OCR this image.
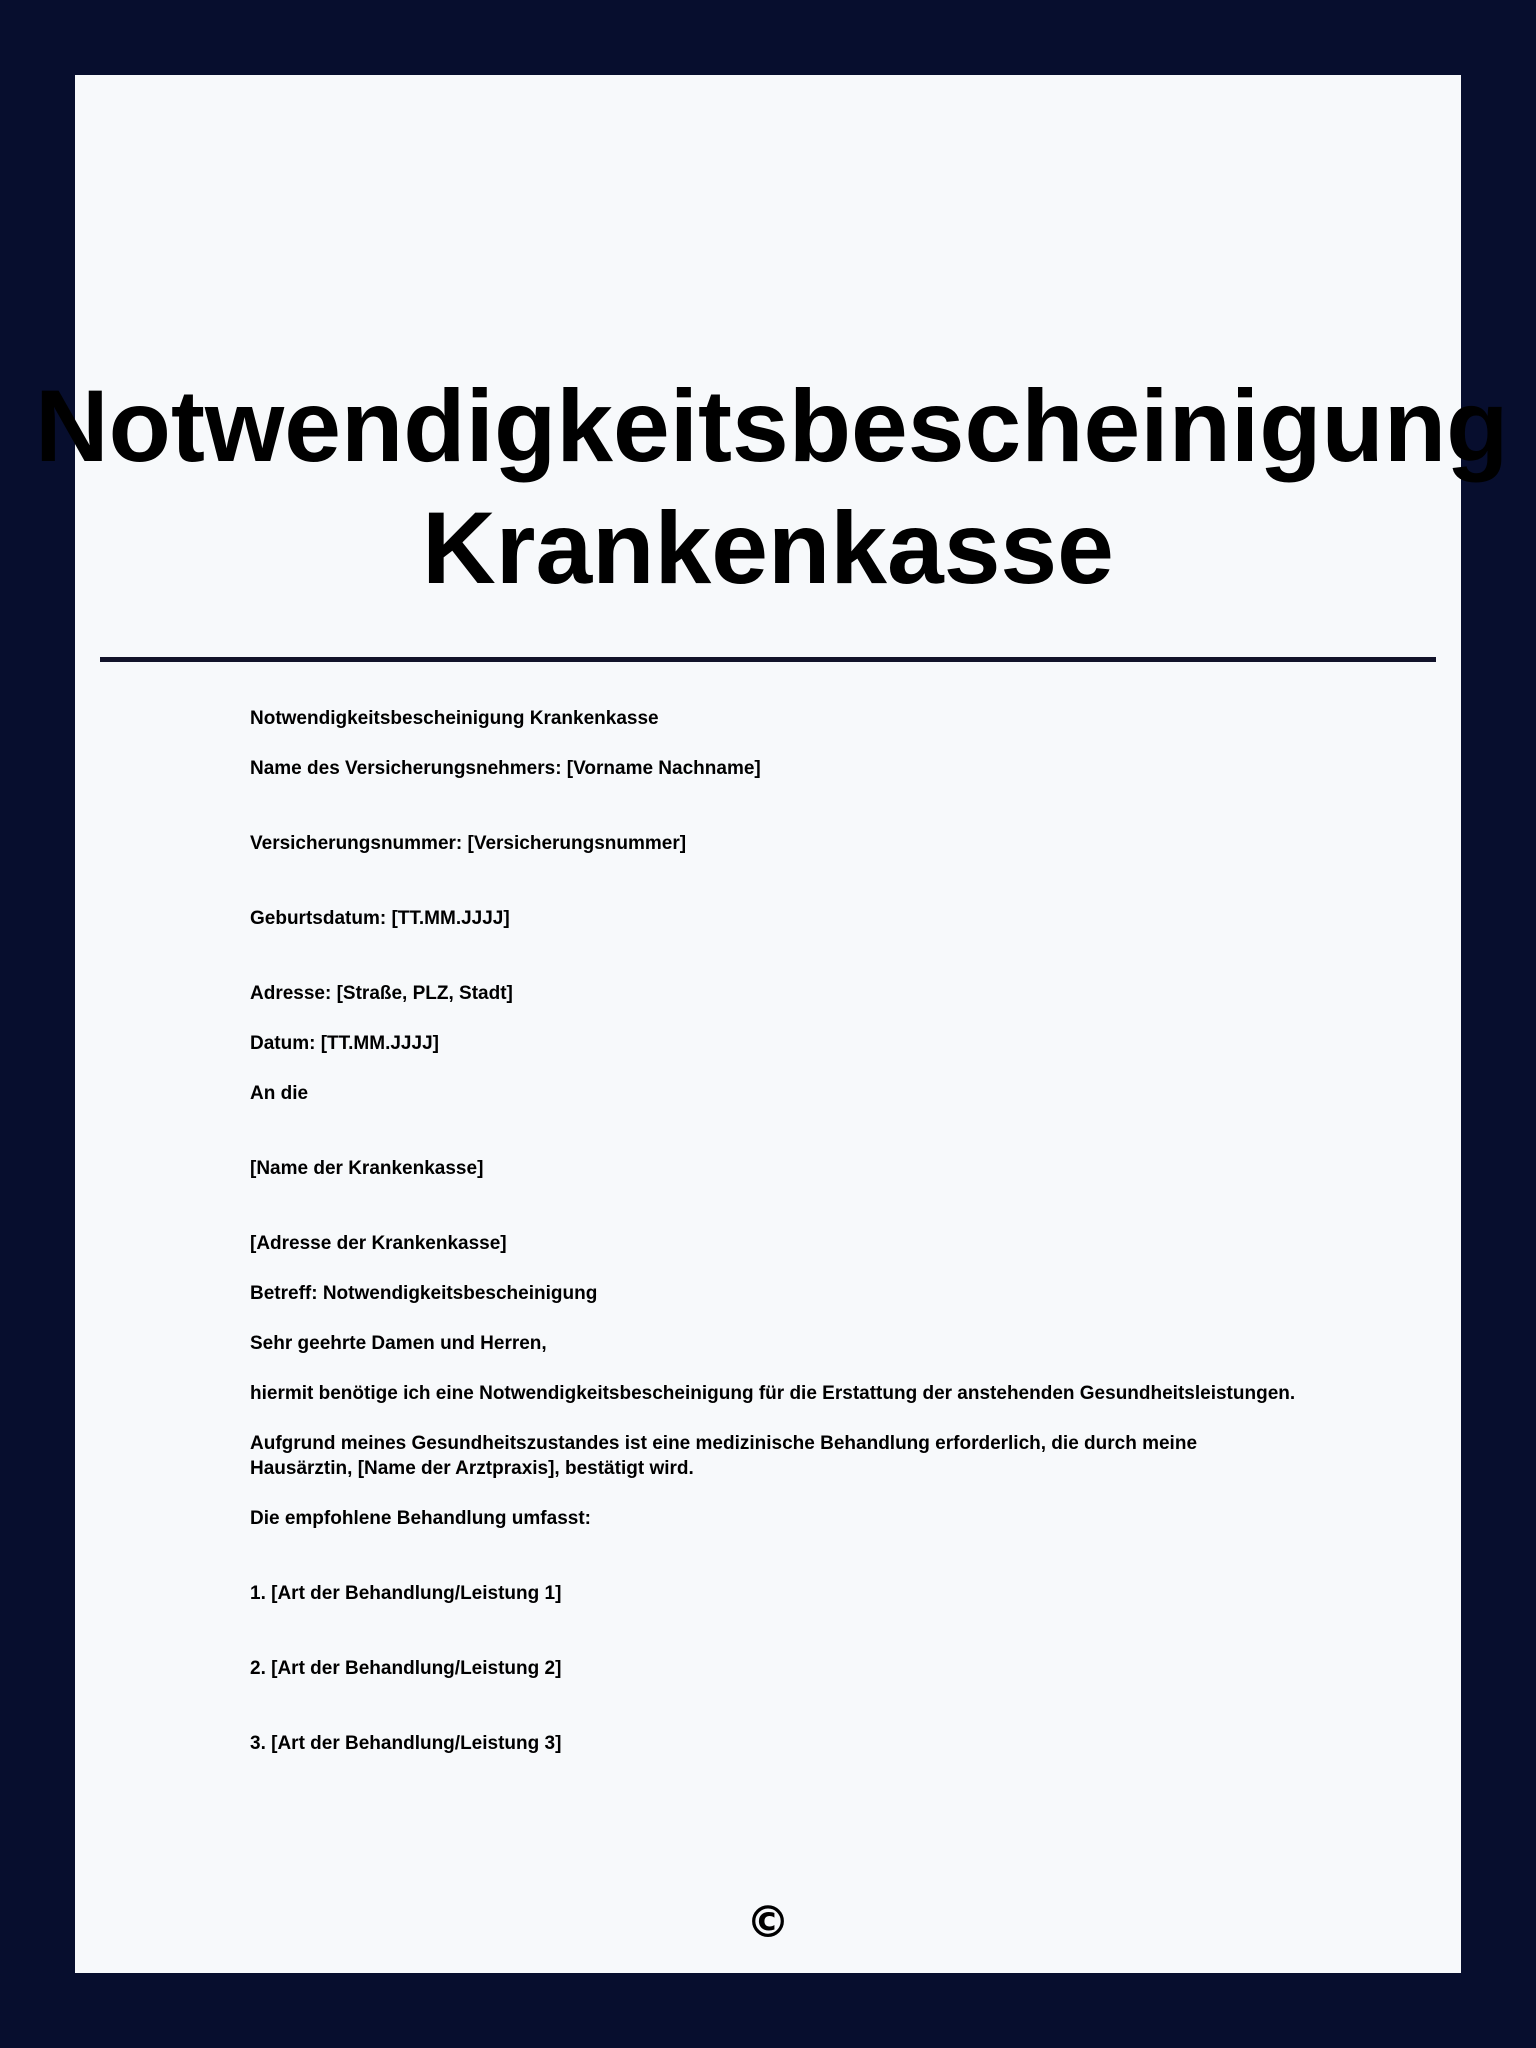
Notwendigkeitsbescheinigung
Krankenkasse

Notwendigkeitsbescheinigung Krankenkasse

Name des Versicherungsnehmers: [Vorname Nachname]

Versicherungsnummer: [Versicherungsnummer]

Geburtsdatum: [TT.MM.JJJJ]

Adresse: [Straße, PLZ, Stadt]

Datum: [TT.MM.JJJJ]

An die

[Name der Krankenkasse]

[Adresse der Krankenkasse]

Betreff: Notwendigkeitsbescheinigung

Sehr geehrte Damen und Herren,

hiermit benötige ich eine Notwendigkeitsbescheinigung für die Erstattung der anstehenden Gesundheitsleistungen.

Aufgrund meines Gesundheitszustandes ist eine medizinische Behandlung erforderlich, die durch meine Hausärztin, [Name der Arztpraxis], bestätigt wird.

Die empfohlene Behandlung umfasst:

1. [Art der Behandlung/Leistung 1]

2. [Art der Behandlung/Leistung 2]

3. [Art der Behandlung/Leistung 3]

©
